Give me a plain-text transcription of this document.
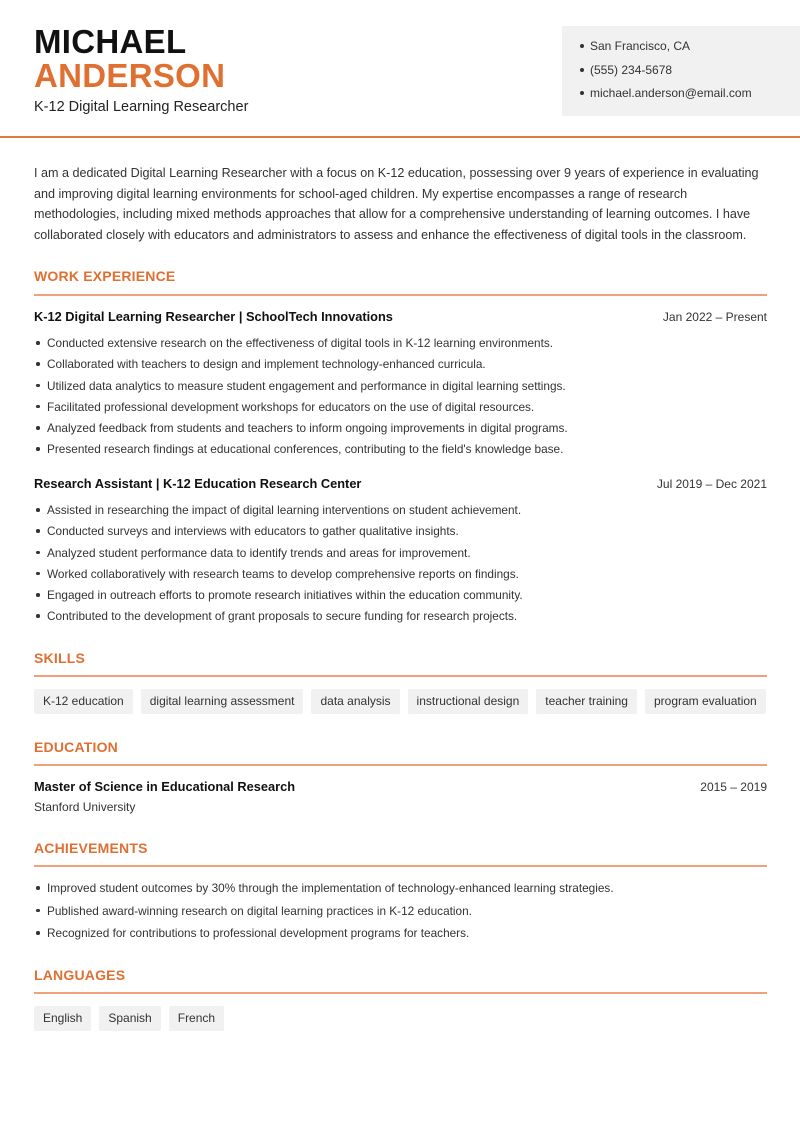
MICHAEL
ANDERSON
K-12 Digital Learning Researcher
San Francisco, CA
(555) 234-5678
michael.anderson@email.com

I am a dedicated Digital Learning Researcher with a focus on K-12 education, possessing over 9 years of experience in evaluating and improving digital learning environments for school-aged children. My expertise encompasses a range of research methodologies, including mixed methods approaches that allow for a comprehensive understanding of learning outcomes. I have collaborated closely with educators and administrators to assess and enhance the effectiveness of digital tools in the classroom.

WORK EXPERIENCE
K-12 Digital Learning Researcher | SchoolTech Innovations	Jan 2022 – Present
Conducted extensive research on the effectiveness of digital tools in K-12 learning environments.
Collaborated with teachers to design and implement technology-enhanced curricula.
Utilized data analytics to measure student engagement and performance in digital learning settings.
Facilitated professional development workshops for educators on the use of digital resources.
Analyzed feedback from students and teachers to inform ongoing improvements in digital programs.
Presented research findings at educational conferences, contributing to the field's knowledge base.
Research Assistant | K-12 Education Research Center	Jul 2019 – Dec 2021
Assisted in researching the impact of digital learning interventions on student achievement.
Conducted surveys and interviews with educators to gather qualitative insights.
Analyzed student performance data to identify trends and areas for improvement.
Worked collaboratively with research teams to develop comprehensive reports on findings.
Engaged in outreach efforts to promote research initiatives within the education community.
Contributed to the development of grant proposals to secure funding for research projects.
SKILLS
K-12 education	digital learning assessment	data analysis	instructional design	teacher training	program evaluation
EDUCATION
Master of Science in Educational Research	2015 – 2019
Stanford University
ACHIEVEMENTS
Improved student outcomes by 30% through the implementation of technology-enhanced learning strategies.
Published award-winning research on digital learning practices in K-12 education.
Recognized for contributions to professional development programs for teachers.
LANGUAGES
English	Spanish	French
